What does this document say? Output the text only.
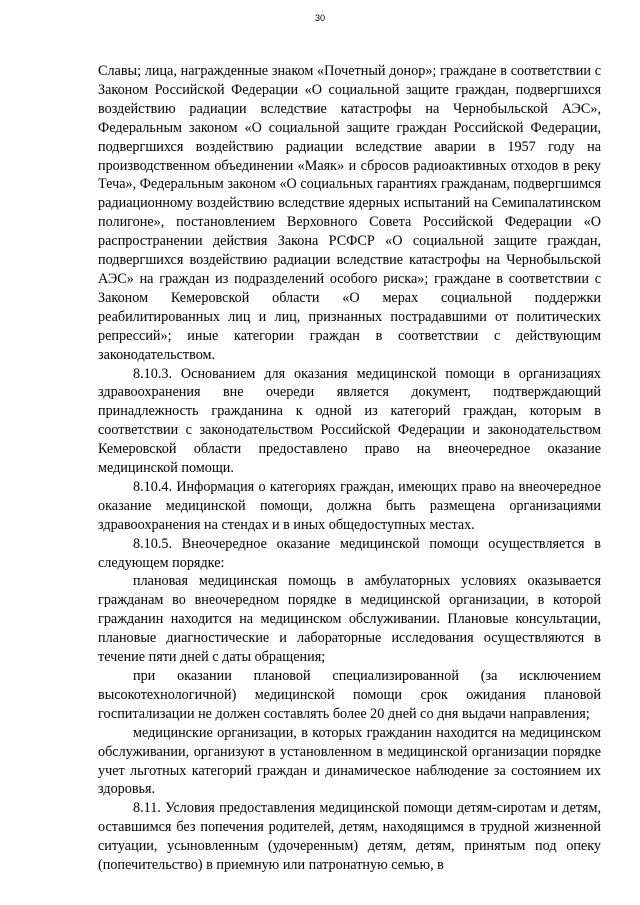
30

Славы; лица, награжденные знаком «Почетный донор»; граждане в соответствии с Законом Российской Федерации «О социальной защите граждан, подвергшихся воздействию радиации вследствие катастрофы на Чернобыльской АЭС», Федеральным законом «О социальной защите граждан Российской Федерации, подвергшихся воздействию радиации вследствие аварии в 1957 году на производственном объединении «Маяк» и сбросов радиоактивных отходов в реку Теча», Федеральным законом «О социальных гарантиях гражданам, подвергшимся радиационному воздействию вследствие ядерных испытаний на Семипалатинском полигоне», постановлением Верховного Совета Российской Федерации «О распространении действия Закона РСФСР «О социальной защите граждан, подвергшихся воздействию радиации вследствие катастрофы на Чернобыльской АЭС» на граждан из подразделений особого риска»; граждане в соответствии с Законом Кемеровской области «О мерах социальной поддержки реабилитированных лиц и лиц, признанных пострадавшими от политических репрессий»; иные категории граждан в соответствии с действующим законодательством.

8.10.3. Основанием для оказания медицинской помощи в организациях здравоохранения вне очереди является документ, подтверждающий принадлежность гражданина к одной из категорий граждан, которым в соответствии с законодательством Российской Федерации и законодательством Кемеровской области предоставлено право на внеочередное оказание медицинской помощи.

8.10.4. Информация о категориях граждан, имеющих право на внеочередное оказание медицинской помощи, должна быть размещена организациями здравоохранения на стендах и в иных общедоступных местах.

8.10.5. Внеочередное оказание медицинской помощи осуществляется в следующем порядке:

плановая медицинская помощь в амбулаторных условиях оказывается гражданам во внеочередном порядке в медицинской организации, в которой гражданин находится на медицинском обслуживании. Плановые консультации, плановые диагностические и лабораторные исследования осуществляются в течение пяти дней с даты обращения;

при оказании плановой специализированной (за исключением высокотехнологичной) медицинской помощи срок ожидания плановой госпитализации не должен составлять более 20 дней со дня выдачи направления;

медицинские организации, в которых гражданин находится на медицинском обслуживании, организуют в установленном в медицинской организации порядке учет льготных категорий граждан и динамическое наблюдение за состоянием их здоровья.

8.11. Условия предоставления медицинской помощи детям-сиротам и детям, оставшимся без попечения родителей, детям, находящимся в трудной жизненной ситуации, усыновленным (удочеренным) детям, детям, принятым под опеку (попечительство) в приемную или патронатную семью, в
